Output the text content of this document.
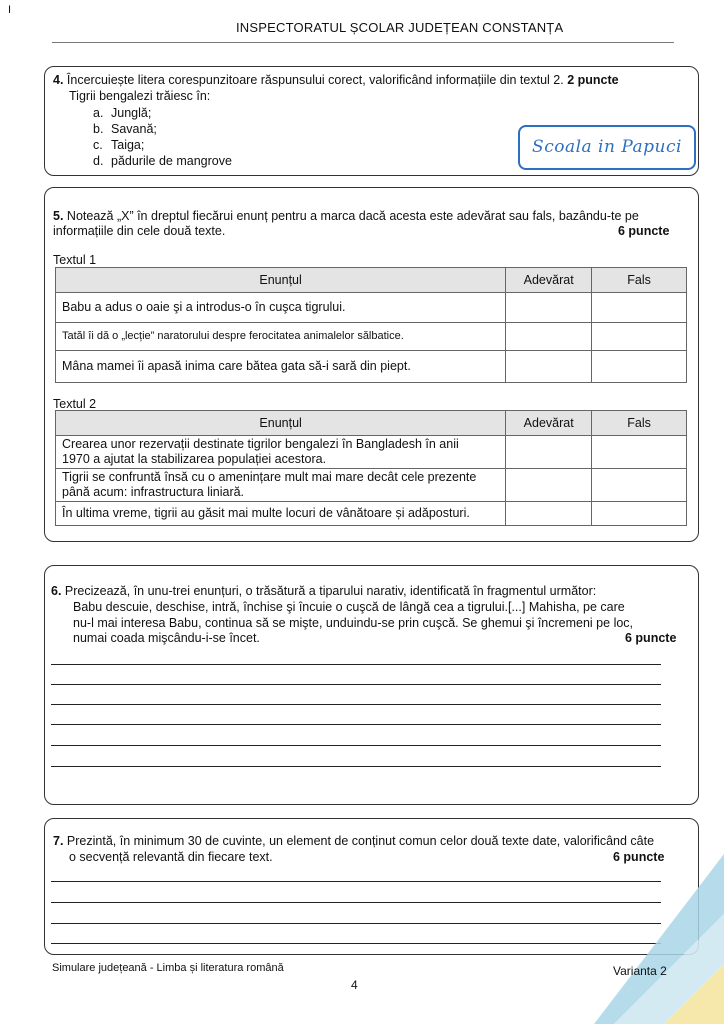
I
INSPECTORATUL ȘCOLAR JUDEȚEAN CONSTANȚA
4. Încercuiește litera corespunzitoare răspunsului corect, valorificând informațiile din textul 2. 2 puncte
Tigrii bengalezi trăiesc în:
a. Junglă;
b. Savană;
c. Taiga;
d. pădurile de mangrove
Scoala in Papuci
5. Notează „X” în dreptul fiecărui enunț pentru a marca dacă acesta este adevărat sau fals, bazându-te pe
informațiile din cele două texte.	6 puncte
Textul 1
Enunțul	Adevărat	Fals
Babu a adus o oaie şi a introdus-o în cuşca tigrului.		
Tatăl îi dă o „lecție” naratorului despre ferocitatea animalelor sălbatice.		
Mâna mamei îi apasă inima care bătea gata să-i sară din piept.		
Textul 2
Enunțul	Adevărat	Fals

Crearea unor rezervații destinate tigrilor bengalezi în Bangladesh în anii
1970 a ajutat la stabilizarea populației acestora.		

Tigrii se confruntă însă cu o amenințare mult mai mare decât cele prezente
până acum: infrastructura liniară.		

În ultima vreme, tigrii au găsit mai multe locuri de vânătoare și adăposturi.		
6. Precizează, în unu-trei enunțuri, o trăsătură a tiparului narativ, identificată în fragmentul următor:
Babu descuie, deschise, intră, închise şi încuie o cuşcă de lângă cea a tigrului.[...] Mahisha, pe care
nu-l mai interesa Babu, continua să se mişte, unduindu-se prin cuşcă. Se ghemui şi încremeni pe loc,
numai coada mişcându-i-se încet.	6 puncte
7. Prezintă, în minimum 30 de cuvinte, un element de conținut comun celor două texte date, valorificând câte
o secvență relevantă din fiecare text.	6 puncte
Simulare județeană - Limba și literatura română	Varianta 2
4
